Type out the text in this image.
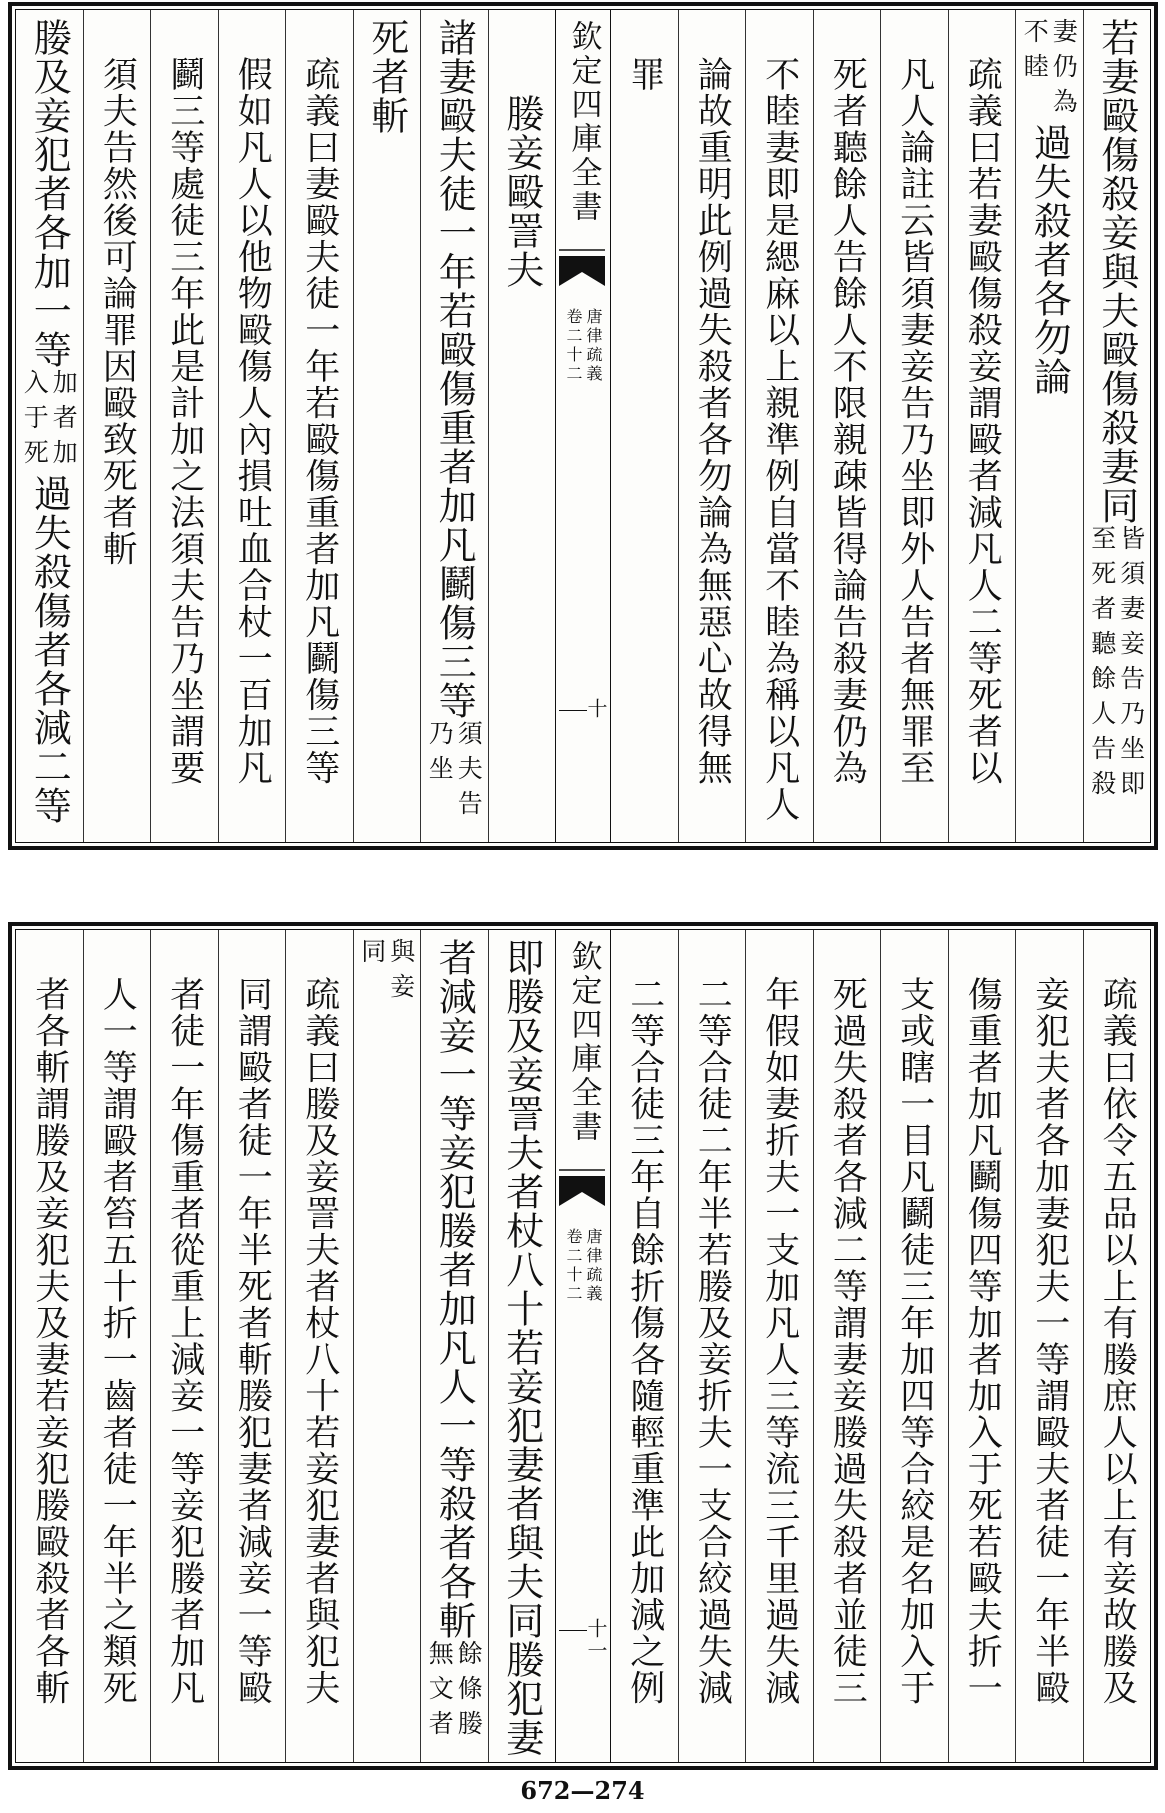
媵妾毆詈夫
諸妻毆夫徒一年若毆傷重者加凡鬬傷三等
須夫告
乃坐
死者斬
疏義曰妻毆夫徒一年若毆傷重者加凡鬬傷三等
假如凡人以他物毆傷人內損吐血合杖一百加凡
鬬三等處徒三年此是計加之法須夫告乃坐謂要
須夫告然後可論罪因毆致死者斬
媵及妾犯者各加一等
加者加
入于死
過失殺傷者各減二等
欽定四庫全書
唐律疏義
卷二十二
十
若妻毆傷殺妾與夫毆傷殺妻同
皆須妻妾告乃坐即
至死者聽餘人告殺
妻仍為
不睦
過失殺者各勿論
疏義曰若妻毆傷殺妾謂毆者減凡人二等死者以
凡人論註云皆須妻妾告乃坐即外人告者無罪至
死者聽餘人告餘人不限親疎皆得論告殺妻仍為
不睦妻即是緦麻以上親準例自當不睦為稱以凡人
論故重明此例過失殺者各勿論為無惡心故得無
罪
即媵及妾詈夫者杖八十若妾犯妻者與夫同媵犯妻
者減妾一等妾犯媵者加凡人一等殺者各斬
餘條媵
無文者
與妾
同
疏義曰媵及妾詈夫者杖八十若妾犯妻者與犯夫
同謂毆者徒一年半死者斬媵犯妻者減妾一等毆
者徒一年傷重者從重上減妾一等妾犯媵者加凡
人一等謂毆者笞五十折一齒者徒一年半之類死
者各斬謂媵及妾犯夫及妻若妾犯媵毆殺者各斬	欽定四庫全書
唐律疏義
卷二十二
十一	疏義曰依令五品以上有媵庶人以上有妾故媵及
妾犯夫者各加妻犯夫一等謂毆夫者徒一年半毆
傷重者加凡鬬傷四等加者加入于死若毆夫折一
支或瞎一目凡鬬徒三年加四等合絞是名加入于
死過失殺者各減二等謂妻妾媵過失殺者並徒三
年假如妻折夫一支加凡人三等流三千里過失減
二等合徒二年半若媵及妾折夫一支合絞過失減
二等合徒三年自餘折傷各隨輕重準此加減之例
672—274
